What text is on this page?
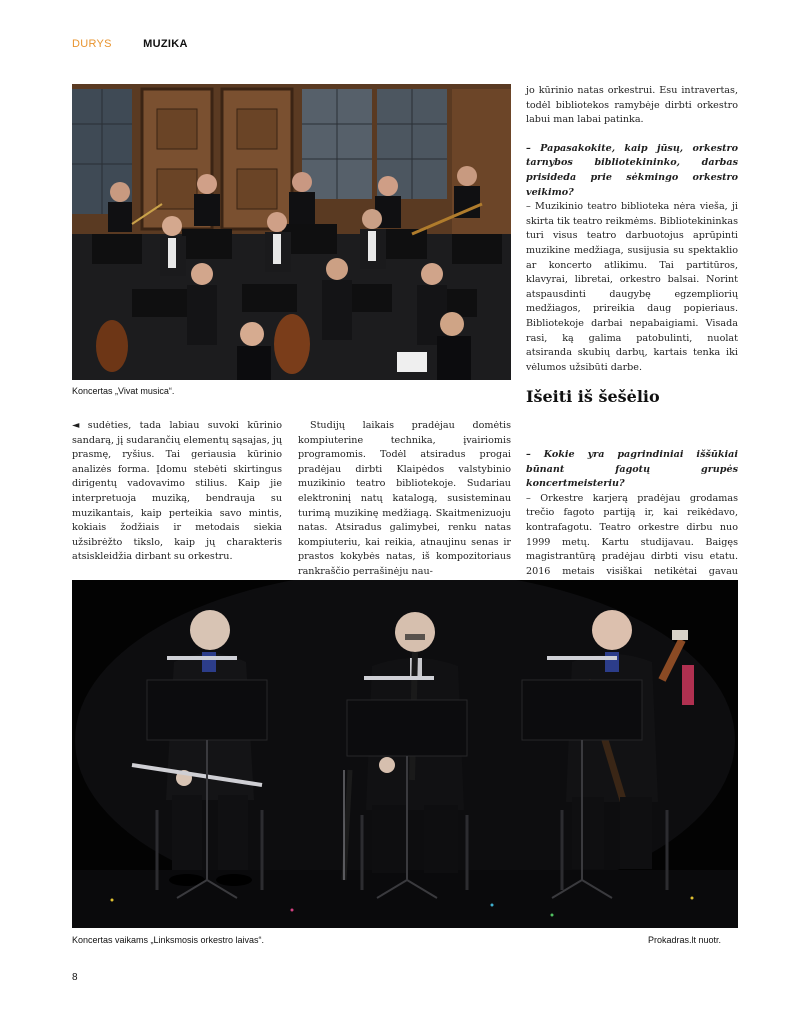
DURYS	MUZIKA
Koncertas „Vivat musica“.

◄ sudėties, tada labiau suvoki kūrinio sandarą, jį sudarančių elementų sąsajas, jų prasmę, ryšius. Tai geriausia kūrinio analizės forma. Įdomu stebėti skirtingus dirigentų vadovavimo stilius. Kaip jie interpretuoja muziką, bendrauja su muzikantais, kaip perteikia savo mintis, kokiais žodžiais ir metodais siekia užsibrėžto tikslo, kaip jų charakteris atsiskleidžia dirbant su orkestru.

Studijų laikais pradėjau domėtis kompiuterine technika, įvairiomis programomis. Todėl atsiradus progai pradėjau dirbti Klaipėdos valstybinio muzikinio teatro bibliotekoje. Sudariau elektroninį natų katalogą, susisteminau turimą muzikinę medžiagą. Skaitmenizuoju natas. Atsiradus galimybei, renku natas kompiuteriu, kai reikia, atnaujinu senas ir prastos kokybės natas, iš kompozitoriaus rankraščio perrašinėju nau-

jo kūrinio natas orkestrui. Esu intravertas, todėl bibliotekos ramybėje dirbti orkestro labui man labai patinka.

– Papasakokite, kaip jūsų, orkestro tarnybos bibliotekininko, darbas prisideda prie sėkmingo orkestro veikimo?

– Muzikinio teatro biblioteka nėra vieša, ji skirta tik teatro reikmėms. Bibliotekininkas turi visus teatro darbuotojus aprūpinti muzikine medžiaga, susijusia su spektaklio ar koncerto atlikimu. Tai partitūros, klavyrai, libretai, orkestro balsai. Norint atspausdinti daugybę egzempliorių medžiagos, prireikia daug popieriaus. Bibliotekoje darbai nepabaigiami. Visada rasi, ką galima patobulinti, nuolat atsiranda skubių darbų, kartais tenka iki vėlumos užsibūti darbe.

Išeiti iš šešėlio

– Kokie yra pagrindiniai iššūkiai būnant fagotų grupės koncertmeisteriu?

– Orkestre karjerą pradėjau grodamas trečio fagoto partiją ir, kai reikėdavo, kontrafagotu. Teatro orkestre dirbu nuo 1999 metų. Kartu studijavau. Baigęs magistrantūrą pradėjau dirbti visu etatu. 2016 metais visiškai netikėtai gavau

Koncertas vaikams „Linksmosis orkestro laivas“.	Prokadras.lt nuotr.
8
